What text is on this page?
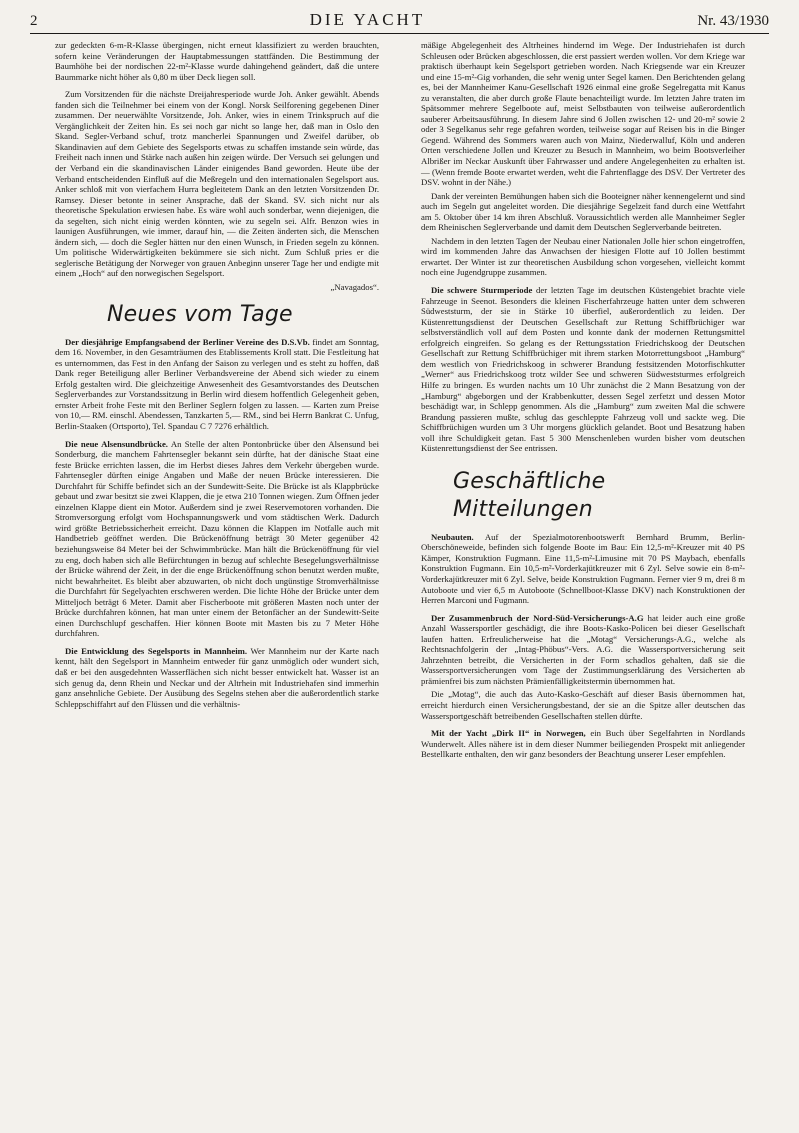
2	DIE YACHT	Nr. 43/1930

zur gedeckten 6-m-R-Klasse übergingen, nicht erneut klassifiziert zu werden brauchten, sofern keine Veränderungen der Hauptabmessungen stattfänden. Die Bestimmung der Baumhöhe bei der nordischen 22-m²-Klasse wurde dahingehend geändert, daß die untere Baummarke nicht höher als 0,80 m über Deck liegen soll.

Zum Vorsitzenden für die nächste Dreijahresperiode wurde Joh. Anker gewählt. Abends fanden sich die Teilnehmer bei einem von der Kongl. Norsk Seilforening gegebenen Diner zusammen. Der neuerwählte Vorsitzende, Joh. Anker, wies in einem Trinkspruch auf die Vergänglichkeit der Zeiten hin. Es sei noch gar nicht so lange her, daß man in Oslo den Skand. Segler-Verband schuf, trotz mancherlei Spannungen und Zweifel darüber, ob Skandinavien auf dem Gebiete des Segelsports etwas zu schaffen imstande sein würde, das Freiheit nach innen und Stärke nach außen hin zeigen würde. Der Versuch sei gelungen und der Verband ein die skandinavischen Länder einigendes Band geworden. Heute übe der Verband entscheidenden Einfluß auf die Meßregeln und den internationalen Segelsport aus. Anker schloß mit von vierfachem Hurra begleitetem Dank an den letzten Vorsitzenden Dr. Ramsey. Dieser betonte in seiner Ansprache, daß der Skand. SV. sich nicht nur als theoretische Spekulation erwiesen habe. Es wäre wohl auch sonderbar, wenn diejenigen, die da segelten, sich nicht einig werden könnten, wie zu segeln sei. Alfr. Benzon wies in launigen Ausführungen, wie immer, darauf hin, — die Zeiten änderten sich, die Menschen ändern sich, — doch die Segler hätten nur den einen Wunsch, in Frieden segeln zu können. Um politische Widerwärtigkeiten bekümmere sie sich nicht. Zum Schluß pries er die seglerische Betätigung der Norweger von grauen Anbeginn unserer Tage her und endigte mit einem „Hoch“ auf den norwegischen Segelsport.

„Navagados“.

Neues vom Tage

Der diesjährige Empfangsabend der Berliner Vereine des D.S.Vb. findet am Sonntag, dem 16. November, in den Gesamträumen des Etablissements Kroll statt. Die Festleitung hat es unternommen, das Fest in den Anfang der Saison zu verlegen und es steht zu hoffen, daß Dank reger Beteiligung aller Berliner Verbandsvereine der Abend sich wieder zu einem Erfolg gestalten wird. Die gleichzeitige Anwesenheit des Gesamtvorstandes des Deutschen Seglerverbandes zur Vorstandssitzung in Berlin wird diesem hoffentlich Gelegenheit geben, ernster Arbeit frohe Feste mit den Berliner Seglern folgen zu lassen. — Karten zum Preise von 10,— RM. einschl. Abendessen, Tanzkarten 5,— RM., sind bei Herrn Bankrat C. Unfug, Berlin-Staaken (Ortsporto), Tel. Spandau C 7 7276 erhältlich.

Die neue Alsensundbrücke. An Stelle der alten Pontonbrücke über den Alsensund bei Sonderburg, die manchem Fahrtensegler bekannt sein dürfte, hat der dänische Staat eine feste Brücke errichten lassen, die im Herbst dieses Jahres dem Verkehr übergeben wurde. Fahrtensegler dürften einige Angaben und Maße der neuen Brücke interessieren. Die Durchfahrt für Schiffe befindet sich an der Sundewitt-Seite. Die Brücke ist als Klappbrücke gebaut und zwar besitzt sie zwei Klappen, die je etwa 210 Tonnen wiegen. Zum Öffnen jeder einzelnen Klappe dient ein Motor. Außerdem sind je zwei Reservemotoren vorhanden. Die Stromversorgung erfolgt vom Hochspannungswerk und vom städtischen Werk. Dadurch wird größte Betriebssicherheit erreicht. Dazu können die Klappen im Notfalle auch mit Handbetrieb geöffnet werden. Die Brückenöffnung beträgt 30 Meter gegenüber 42 beziehungsweise 84 Meter bei der Schwimmbrücke. Man hält die Brückenöffnung für viel zu eng, doch haben sich alle Befürchtungen in bezug auf schlechte Besegelungsverhältnisse der Brücke während der Zeit, in der die enge Brückenöffnung schon benutzt werden mußte, nicht bewahrheitet. Es bleibt aber abzuwarten, ob nicht doch ungünstige Stromverhältnisse die Durchfahrt für Segelyachten erschweren werden. Die lichte Höhe der Brücke unter dem Mitteljoch beträgt 6 Meter. Damit aber Fischerboote mit größeren Masten noch unter der Brücke durchfahren können, hat man unter einem der Betonfächer an der Sundewitt-Seite einen Durchschlupf geschaffen. Hier können Boote mit Masten bis zu 7 Meter Höhe durchfahren.

Die Entwicklung des Segelsports in Mannheim. Wer Mannheim nur der Karte nach kennt, hält den Segelsport in Mannheim entweder für ganz unmöglich oder wundert sich, daß er bei den ausgedehnten Wasserflächen sich nicht besser entwickelt hat. Wasser ist an sich genug da, denn Rhein und Neckar und der Altrhein mit Industriehafen sind immerhin ganz ansehnliche Gebiete. Der Ausübung des Segelns stehen aber die außerordentlich starke Schleppschiffahrt auf den Flüssen und die verhältnis-

mäßige Abgelegenheit des Altrheines hindernd im Wege. Der Industriehafen ist durch Schleusen oder Brücken abgeschlossen, die erst passiert werden wollen. Vor dem Kriege war praktisch überhaupt kein Segelsport getrieben worden. Nach Kriegsende war ein Kreuzer und eine 15-m²-Gig vorhanden, die sehr wenig unter Segel kamen. Den Berichtenden gelang es, bei der Mannheimer Kanu-Gesellschaft 1926 einmal eine große Segelregatta mit Kanus zu veranstalten, die aber durch große Flaute benachteiligt wurde. Im letzten Jahre traten im Spätsommer mehrere Segelboote auf, meist Selbstbauten von teilweise außerordentlich sauberer Arbeitsausführung. In diesem Jahre sind 6 Jollen zwischen 12- und 20-m² sowie 2 oder 3 Segelkanus sehr rege gefahren worden, teilweise sogar auf Reisen bis in die Binger Gegend. Während des Sommers waren auch von Mainz, Niederwalluf, Köln und anderen Orten verschiedene Jollen und Kreuzer zu Besuch in Mannheim, wo beim Bootsverleiher Albrißer im Neckar Auskunft über Fahrwasser und andere Angelegenheiten zu erhalten ist. — (Wenn fremde Boote erwartet werden, weht die Fahrtenflagge des DSV. Der Vertreter des DSV. wohnt in der Nähe.)

Dank der vereinten Bemühungen haben sich die Booteigner näher kennengelernt und sind auch im Segeln gut angeleitet worden. Die diesjährige Segelzeit fand durch eine Wettfahrt am 5. Oktober über 14 km ihren Abschluß. Voraussichtlich werden alle Mannheimer Segler dem Rheinischen Seglerverbande und damit dem Deutschen Seglerverbande beitreten.

Nachdem in den letzten Tagen der Neubau einer Nationalen Jolle hier schon eingetroffen, wird im kommenden Jahre das Anwachsen der hiesigen Flotte auf 10 Jollen bestimmt erwartet. Der Winter ist zur theoretischen Ausbildung schon vorgesehen, vielleicht kommt noch eine Jugendgruppe zusammen.

Die schwere Sturmperiode der letzten Tage im deutschen Küstengebiet brachte viele Fahrzeuge in Seenot. Besonders die kleinen Fischerfahrzeuge hatten unter dem schweren Südweststurm, der sie in Stärke 10 überfiel, außerordentlich zu leiden. Der Küstenrettungsdienst der Deutschen Gesellschaft zur Rettung Schiffbrüchiger war selbstverständlich voll auf dem Posten und konnte dank der modernen Rettungsmittel erfolgreich eingreifen. So gelang es der Rettungsstation Friedrichskoog der Deutschen Gesellschaft zur Rettung Schiffbrüchiger mit ihrem starken Motorrettungsboot „Hamburg“ dem westlich von Friedrichskoog in schwerer Brandung festsitzenden Motorfischkutter „Werner“ aus Friedrichskoog trotz wilder See und schweren Südweststurmes erfolgreich Hilfe zu bringen. Es wurden nachts um 10 Uhr zunächst die 2 Mann Besatzung von der „Hamburg“ abgeborgen und der Krabbenkutter, dessen Segel zerfetzt und dessen Motor beschädigt war, in Schlepp genommen. Als die „Hamburg“ zum zweiten Mal die schwere Brandung passieren mußte, schlug das geschleppte Fahrzeug voll und sackte weg. Die Schiffbrüchigen wurden um 3 Uhr morgens glücklich gelandet. Boot und Besatzung haben voll ihre Schuldigkeit getan. Fast 5 300 Menschenleben wurden bisher vom deutschen Küstenrettungsdienst der See entrissen.

Geschäftliche Mitteilungen

Neubauten. Auf der Spezialmotorenbootswerft Bernhard Brumm, Berlin-Oberschöneweide, befinden sich folgende Boote im Bau: Ein 12,5-m²-Kreuzer mit 40 PS Kämper, Konstruktion Fugmann. Eine 11,5-m²-Limusine mit 70 PS Maybach, ebenfalls Konstruktion Fugmann. Ein 10,5-m²-Vorderkajütkreuzer mit 6 Zyl. Selve sowie ein 8-m²-Vorderkajütkreuzer mit 6 Zyl. Selve, beide Konstruktion Fugmann. Ferner vier 9 m, drei 8 m Autoboote und vier 6,5 m Autoboote (Schnellboot-Klasse DKV) nach Konstruktionen der Herren Marconi und Fugmann.

Der Zusammenbruch der Nord-Süd-Versicherungs-A.G hat leider auch eine große Anzahl Wassersportler geschädigt, die ihre Boots-Kasko-Policen bei dieser Gesellschaft laufen hatten. Erfreulicherweise hat die „Motag“ Versicherungs-A.G., welche als Rechtsnachfolgerin der „Intag-Phöbus“-Vers. A.G. die Wassersportversicherung seit Jahrzehnten betreibt, die Versicherten in der Form schadlos gehalten, daß sie die Wassersportversicherungen vom Tage der Zustimmungserklärung des Versicherten ab prämienfrei bis zum nächsten Prämienfälligkeitstermin übernommen hat.

Die „Motag“, die auch das Auto-Kasko-Geschäft auf dieser Basis übernommen hat, erreicht hierdurch einen Versicherungsbestand, der sie an die Spitze aller deutschen das Wassersportgeschäft betreibenden Gesellschaften stellen dürfte.

Mit der Yacht „Dirk II“ in Norwegen, ein Buch über Segelfahrten in Nordlands Wunderwelt. Alles nähere ist in dem dieser Nummer beiliegenden Prospekt mit anliegender Bestellkarte enthalten, den wir ganz besonders der Beachtung unserer Leser empfehlen.
